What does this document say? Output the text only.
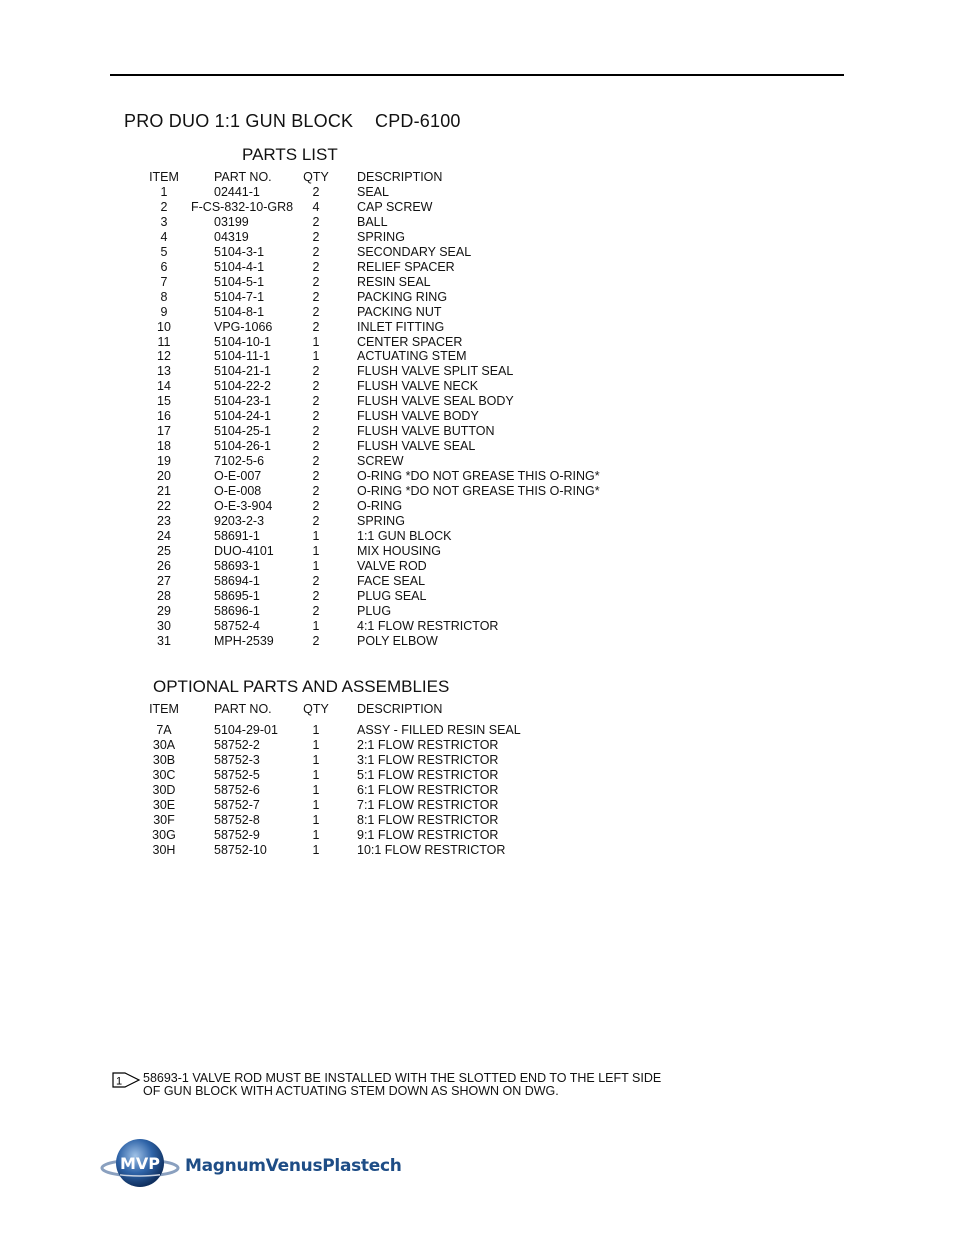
PRO DUO 1:1 GUN BLOCK CPD-6100
PARTS LIST
ITEM	PART NO.	QTY	DESCRIPTION
1	02441-1	2	SEAL
2	F-CS-832-10-GR8	4	CAP SCREW
3	03199	2	BALL
4	04319	2	SPRING
5	5104-3-1	2	SECONDARY SEAL
6	5104-4-1	2	RELIEF SPACER
7	5104-5-1	2	RESIN SEAL
8	5104-7-1	2	PACKING RING
9	5104-8-1	2	PACKING NUT
10	VPG-1066	2	INLET FITTING
11	5104-10-1	1	CENTER SPACER
12	5104-11-1	1	ACTUATING STEM
13	5104-21-1	2	FLUSH VALVE SPLIT SEAL
14	5104-22-2	2	FLUSH VALVE NECK
15	5104-23-1	2	FLUSH VALVE SEAL BODY
16	5104-24-1	2	FLUSH VALVE BODY
17	5104-25-1	2	FLUSH VALVE BUTTON
18	5104-26-1	2	FLUSH VALVE SEAL
19	7102-5-6	2	SCREW
20	O-E-007	2	O-RING *DO NOT GREASE THIS O-RING*
21	O-E-008	2	O-RING *DO NOT GREASE THIS O-RING*
22	O-E-3-904	2	O-RING
23	9203-2-3	2	SPRING
24	58691-1	1	1:1 GUN BLOCK
25	DUO-4101	1	MIX HOUSING
26	58693-1	1	VALVE ROD
27	58694-1	2	FACE SEAL
28	58695-1	2	PLUG SEAL
29	58696-1	2	PLUG
30	58752-4	1	4:1 FLOW RESTRICTOR
31	MPH-2539	2	POLY ELBOW
OPTIONAL PARTS AND ASSEMBLIES
ITEM	PART NO.	QTY	DESCRIPTION
7A	5104-29-01	1	ASSY - FILLED RESIN SEAL
30A	58752-2	1	2:1 FLOW RESTRICTOR
30B	58752-3	1	3:1 FLOW RESTRICTOR
30C	58752-5	1	5:1 FLOW RESTRICTOR
30D	58752-6	1	6:1 FLOW RESTRICTOR
30E	58752-7	1	7:1 FLOW RESTRICTOR
30F	58752-8	1	8:1 FLOW RESTRICTOR
30G	58752-9	1	9:1 FLOW RESTRICTOR
30H	58752-10	1	10:1 FLOW RESTRICTOR
1 58693-1 VALVE ROD MUST BE INSTALLED WITH THE SLOTTED END TO THE LEFT SIDE
OF GUN BLOCK WITH ACTUATING STEM DOWN AS SHOWN ON DWG.
MVP MagnumVenusPlastech
